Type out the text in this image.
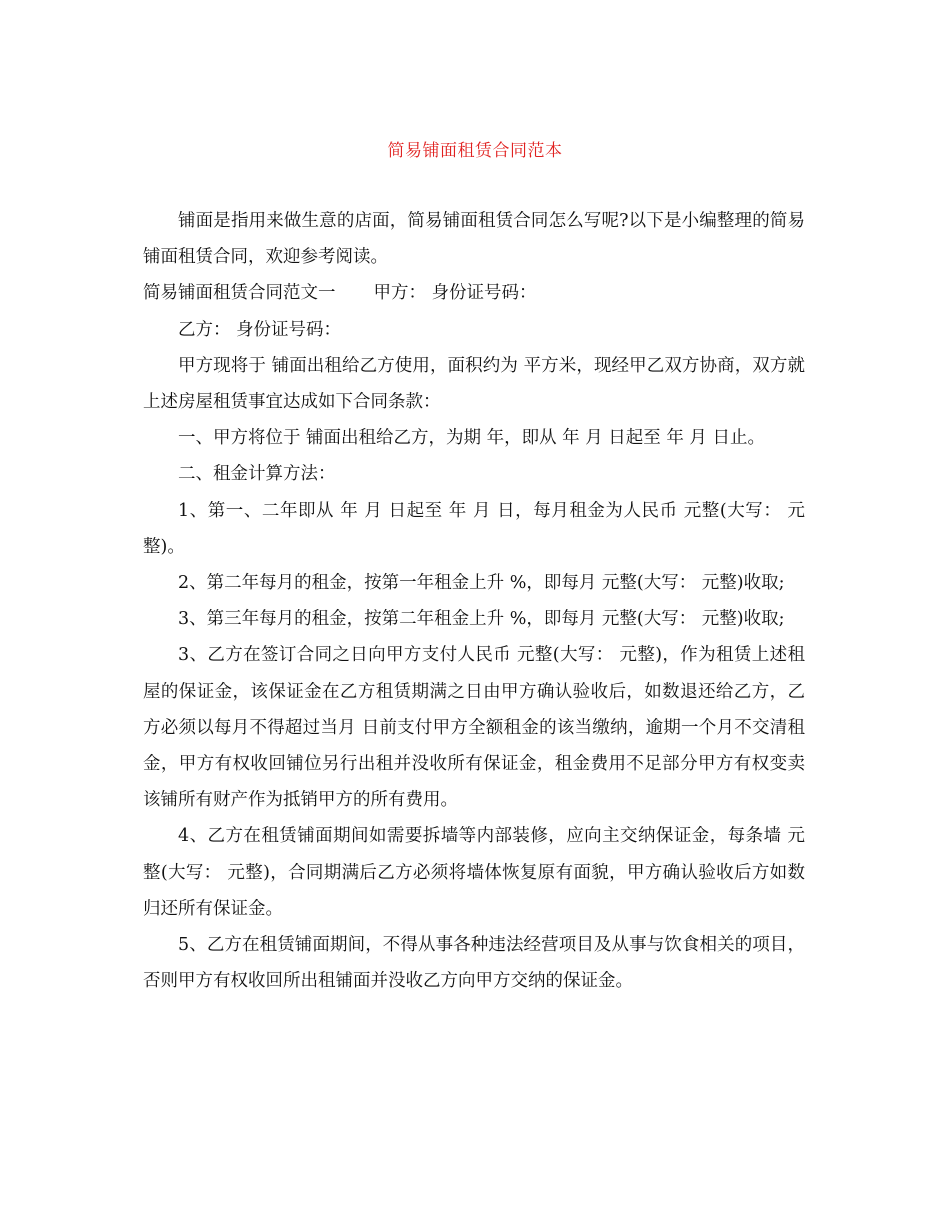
简易铺面租赁合同范本

铺面是指用来做生意的店面，简易铺面租赁合同怎么写呢?以下是小编整理的简易铺面租赁合同，欢迎参考阅读。

简易铺面租赁合同范文一 甲方： 身份证号码：

乙方： 身份证号码：

甲方现将于 铺面出租给乙方使用，面积约为 平方米，现经甲乙双方协商，双方就上述房屋租赁事宜达成如下合同条款：

一、甲方将位于 铺面出租给乙方，为期 年，即从 年 月 日起至 年 月 日止。

二、租金计算方法：

1、第一、二年即从 年 月 日起至 年 月 日，每月租金为人民币 元整(大写： 元整)。

2、第二年每月的租金，按第一年租金上升 %，即每月 元整(大写： 元整)收取;

3、第三年每月的租金，按第二年租金上升 %，即每月 元整(大写： 元整)收取;

3、乙方在签订合同之日向甲方支付人民币 元整(大写： 元整)，作为租赁上述租屋的保证金，该保证金在乙方租赁期满之日由甲方确认验收后，如数退还给乙方，乙方必须以每月不得超过当月 日前支付甲方全额租金的该当缴纳，逾期一个月不交清租金，甲方有权收回铺位另行出租并没收所有保证金，租金费用不足部分甲方有权变卖该铺所有财产作为抵销甲方的所有费用。

4、乙方在租赁铺面期间如需要拆墙等内部装修，应向主交纳保证金，每条墙 元整(大写： 元整)，合同期满后乙方必须将墙体恢复原有面貌，甲方确认验收后方如数归还所有保证金。

5、乙方在租赁铺面期间，不得从事各种违法经营项目及从事与饮食相关的项目，否则甲方有权收回所出租铺面并没收乙方向甲方交纳的保证金。
